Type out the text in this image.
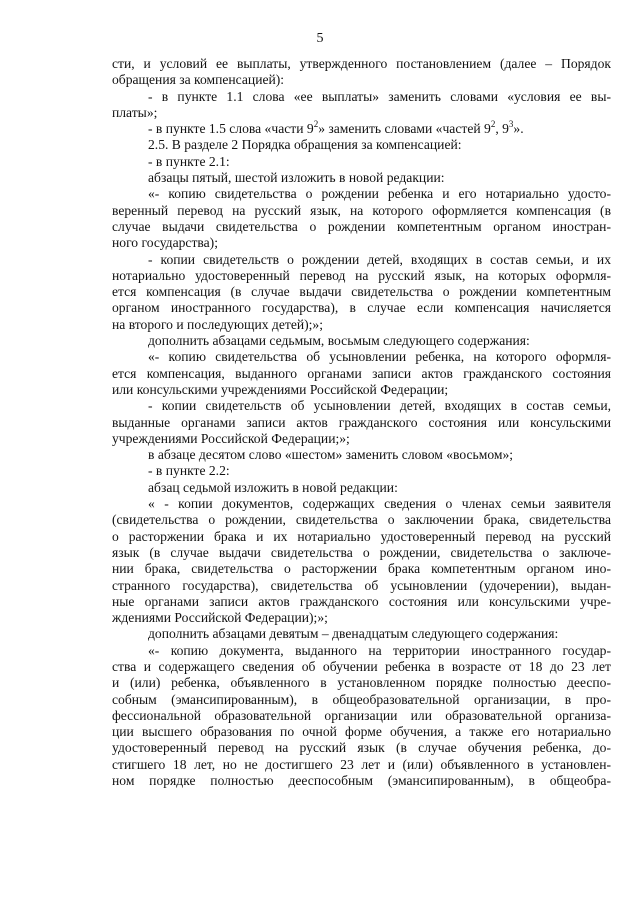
5
сти, и условий ее выплаты, утвержденного постановлением (далее – Порядок
обращения за компенсацией):
- в пункте 1.1 слова «ее выплаты» заменить словами «условия ее вы-
платы»;
- в пункте 1.5 слова «части $9^2$» заменить словами «частей $9^2$, $9^3$».
2.5. В разделе 2 Порядка обращения за компенсацией:
- в пункте 2.1:
абзацы пятый, шестой изложить в новой редакции:
«- копию свидетельства о рождении ребенка и его нотариально удосто-
веренный перевод на русский язык, на которого оформляется компенсация (в
случае выдачи свидетельства о рождении компетентным органом иностран-
ного государства);
- копии свидетельств о рождении детей, входящих в состав семьи, и их
нотариально удостоверенный перевод на русский язык, на которых оформля-
ется компенсация (в случае выдачи свидетельства о рождении компетентным
органом иностранного государства), в случае если компенсация начисляется
на второго и последующих детей);»;
дополнить абзацами седьмым, восьмым следующего содержания:
«- копию свидетельства об усыновлении ребенка, на которого оформля-
ется компенсация, выданного органами записи актов гражданского состояния
или консульскими учреждениями Российской Федерации;
- копии свидетельств об усыновлении детей, входящих в состав семьи,
выданные органами записи актов гражданского состояния или консульскими
учреждениями Российской Федерации;»;
в абзаце десятом слово «шестом» заменить словом «восьмом»;
- в пункте 2.2:
абзац седьмой изложить в новой редакции:
« - копии документов, содержащих сведения о членах семьи заявителя
(свидетельства о рождении, свидетельства о заключении брака, свидетельства
о расторжении брака и их нотариально удостоверенный перевод на русский
язык (в случае выдачи свидетельства о рождении, свидетельства о заключе-
нии брака, свидетельства о расторжении брака компетентным органом ино-
странного государства), свидетельства об усыновлении (удочерении), выдан-
ные органами записи актов гражданского состояния или консульскими учре-
ждениями Российской Федерации);»;
дополнить абзацами девятым – двенадцатым следующего содержания:
«- копию документа, выданного на территории иностранного государ-
ства и содержащего сведения об обучении ребенка в возрасте от 18 до 23 лет
и (или) ребенка, объявленного в установленном порядке полностью дееспо-
собным (эмансипированным), в общеобразовательной организации, в про-
фессиональной образовательной организации или образовательной организа-
ции высшего образования по очной форме обучения, а также его нотариально
удостоверенный перевод на русский язык (в случае обучения ребенка, до-
стигшего 18 лет, но не достигшего 23 лет и (или) объявленного в установлен-
ном порядке полностью дееспособным (эмансипированным), в общеобра-
